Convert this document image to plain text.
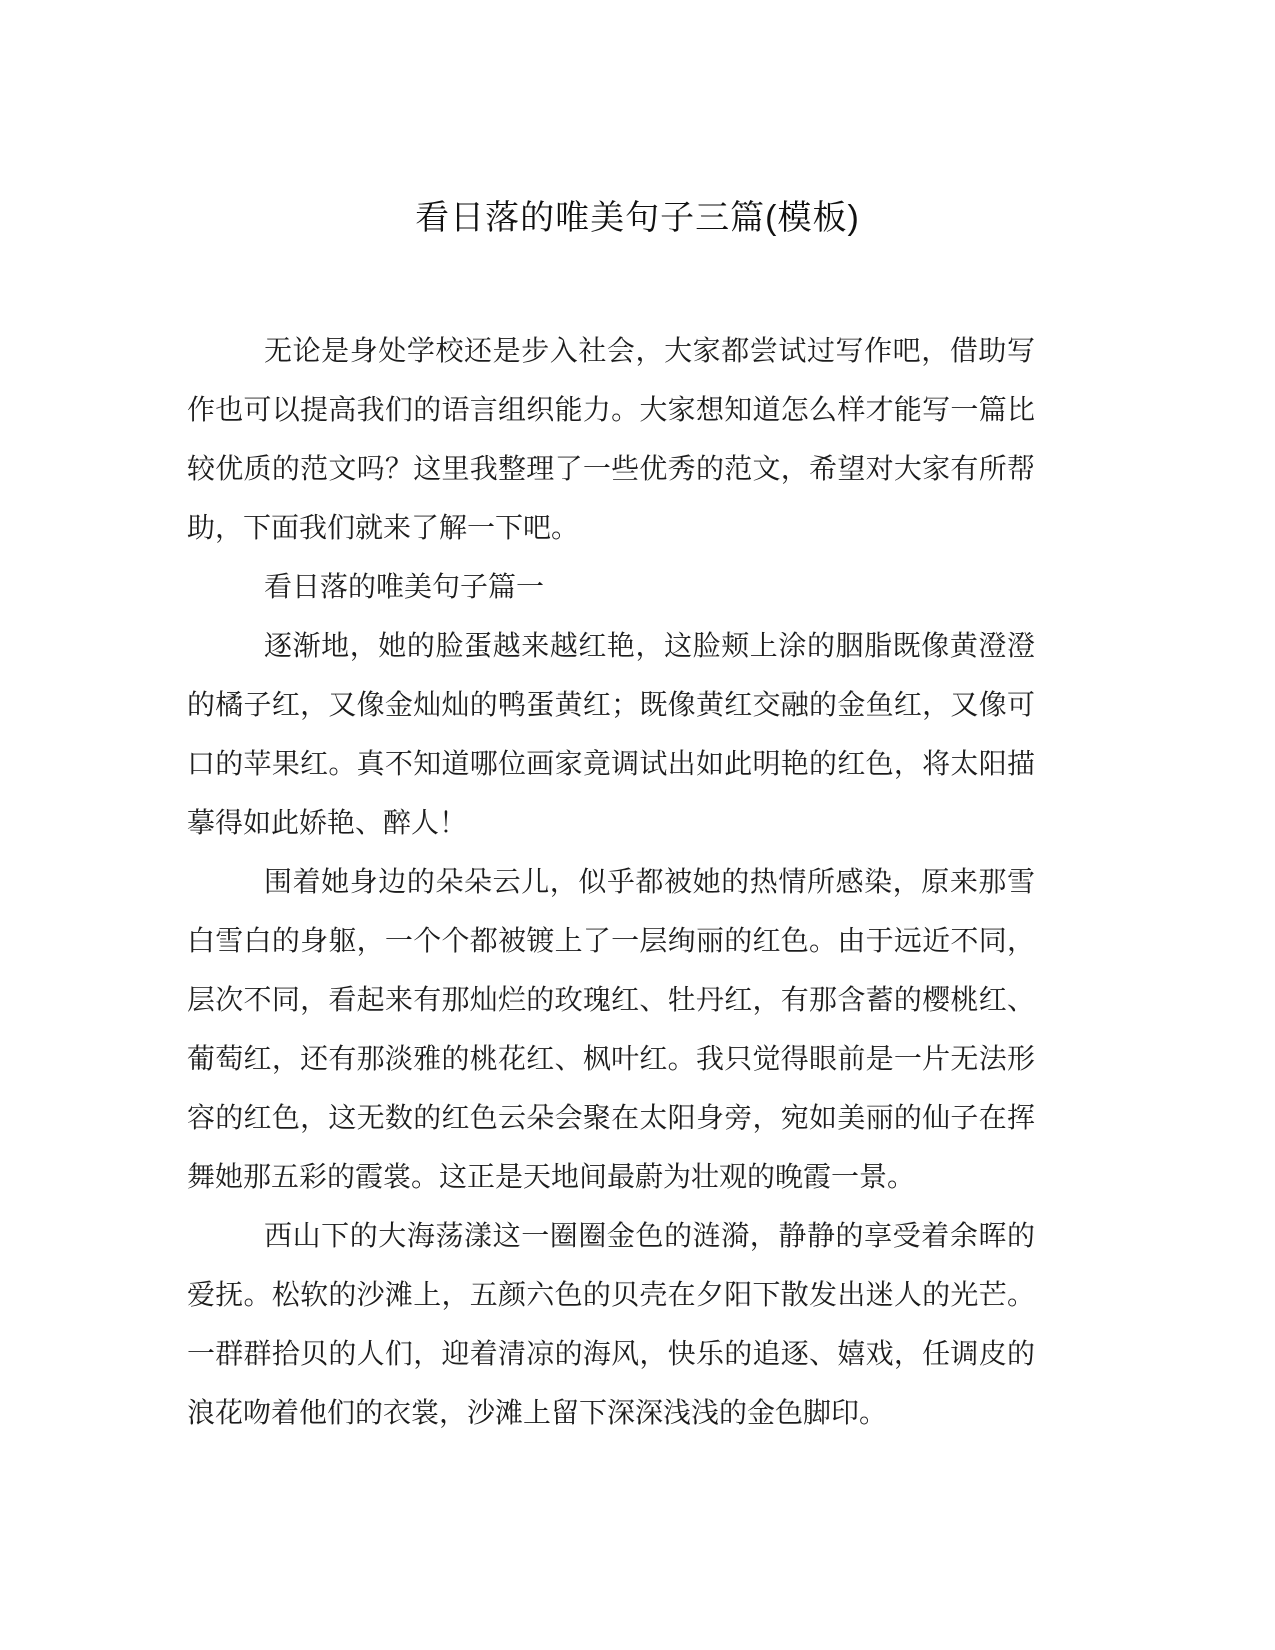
看日落的唯美句子三篇(模板)

无论是身处学校还是步入社会，大家都尝试过写作吧，借助写作也可以提高我们的语言组织能力。大家想知道怎么样才能写一篇比较优质的范文吗？这里我整理了一些优秀的范文，希望对大家有所帮助，下面我们就来了解一下吧。

看日落的唯美句子篇一

逐渐地，她的脸蛋越来越红艳，这脸颊上涂的胭脂既像黄澄澄的橘子红，又像金灿灿的鸭蛋黄红；既像黄红交融的金鱼红，又像可口的苹果红。真不知道哪位画家竟调试出如此明艳的红色，将太阳描摹得如此娇艳、醉人！

围着她身边的朵朵云儿，似乎都被她的热情所感染，原来那雪白雪白的身躯，一个个都被镀上了一层绚丽的红色。由于远近不同，层次不同，看起来有那灿烂的玫瑰红、牡丹红，有那含蓄的樱桃红、葡萄红，还有那淡雅的桃花红、枫叶红。我只觉得眼前是一片无法形容的红色，这无数的红色云朵会聚在太阳身旁，宛如美丽的仙子在挥舞她那五彩的霞裳。这正是天地间最蔚为壮观的晚霞一景。

西山下的大海荡漾这一圈圈金色的涟漪，静静的享受着余晖的爱抚。松软的沙滩上，五颜六色的贝壳在夕阳下散发出迷人的光芒。一群群拾贝的人们，迎着清凉的海风，快乐的追逐、嬉戏，任调皮的浪花吻着他们的衣裳，沙滩上留下深深浅浅的金色脚印。
